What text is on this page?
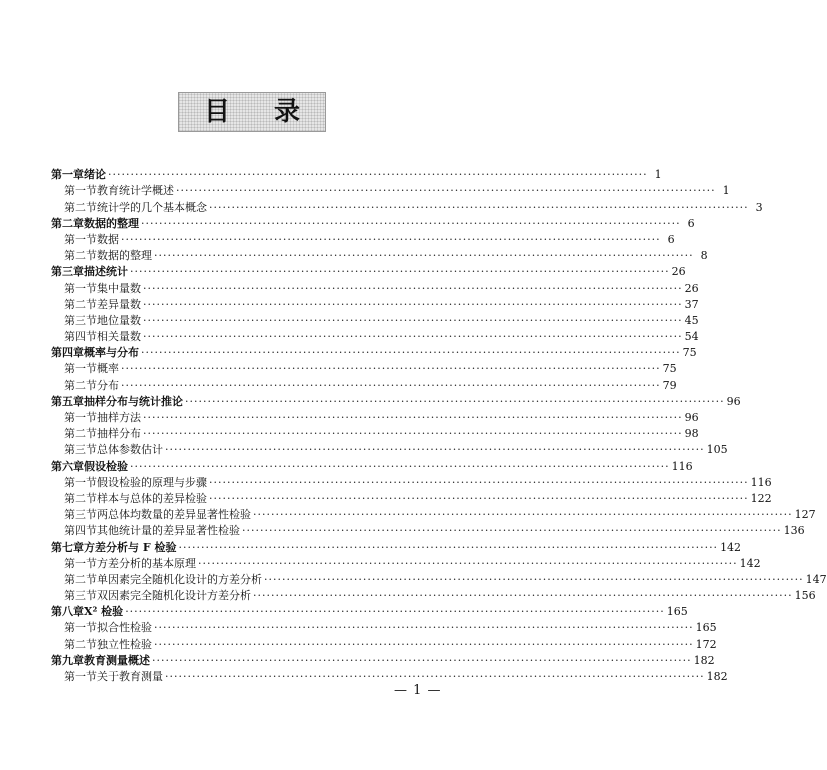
目 录
第一章 绪论 ························································································································ 1
第一节 教育统计学概述 ························································································································ 1
第二节 统计学的几个基本概念 ························································································································ 3
第二章 数据的整理 ························································································································ 6
第一节 数据 ························································································································ 6
第二节 数据的整理 ························································································································ 8
第三章 描述统计 ························································································································ 26
第一节 集中量数 ························································································································ 26
第二节 差异量数 ························································································································ 37
第三节 地位量数 ························································································································ 45
第四节 相关量数 ························································································································ 54
第四章 概率与分布 ························································································································ 75
第一节 概率 ························································································································ 75
第二节 分布 ························································································································ 79
第五章 抽样分布与统计推论 ························································································································ 96
第一节 抽样方法 ························································································································ 96
第二节 抽样分布 ························································································································ 98
第三节 总体参数估计 ························································································································ 105
第六章 假设检验 ························································································································ 116
第一节 假设检验的原理与步骤 ························································································································ 116
第二节 样本与总体的差异检验 ························································································································ 122
第三节 两总体均数量的差异显著性检验 ························································································································ 127
第四节 其他统计量的差异显著性检验 ························································································································ 136
第七章 方差分析与 F 检验 ························································································································ 142
第一节 方差分析的基本原理 ························································································································ 142
第二节 单因素完全随机化设计的方差分析 ························································································································ 147
第三节 双因素完全随机化设计方差分析 ························································································································ 156
第八章 X² 检验 ························································································································ 165
第一节 拟合性检验 ························································································································ 165
第二节 独立性检验 ························································································································ 172
第九章 教育测量概述 ························································································································ 182
第一节 关于教育测量 ························································································································ 182
— 1 —
